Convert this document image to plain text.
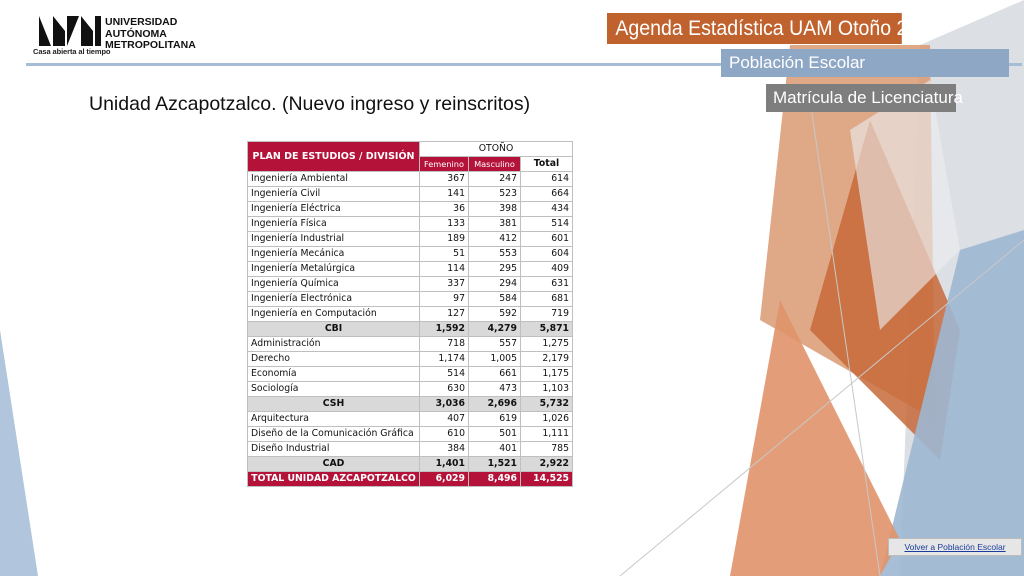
Casa abierta al tiempo
UNIVERSIDAD
AUTÓNOMA
METROPOLITANA
Agenda Estadística UAM Otoño 2017
Población Escolar
Matrícula de Licenciatura
Unidad Azcapotzalco. (Nuevo ingreso y reinscritos)
PLAN DE ESTUDIOS / DIVISIÓN	OTOÑO		
	Femenino	Masculino	Total
Ingeniería Ambiental	367	247	614
Ingeniería Civil	141	523	664
Ingeniería Eléctrica	36	398	434
Ingeniería Física	133	381	514
Ingeniería Industrial	189	412	601
Ingeniería Mecánica	51	553	604
Ingeniería Metalúrgica	114	295	409
Ingeniería Química	337	294	631
Ingeniería Electrónica	97	584	681
Ingeniería en Computación	127	592	719
CBI	1,592	4,279	5,871
Administración	718	557	1,275
Derecho	1,174	1,005	2,179
Economía	514	661	1,175
Sociología	630	473	1,103
CSH	3,036	2,696	5,732
Arquitectura	407	619	1,026
Diseño de la Comunicación Gráfica	610	501	1,111
Diseño Industrial	384	401	785
CAD	1,401	1,521	2,922
TOTAL UNIDAD AZCAPOTZALCO	6,029	8,496	14,525
Volver a Población Escolar
